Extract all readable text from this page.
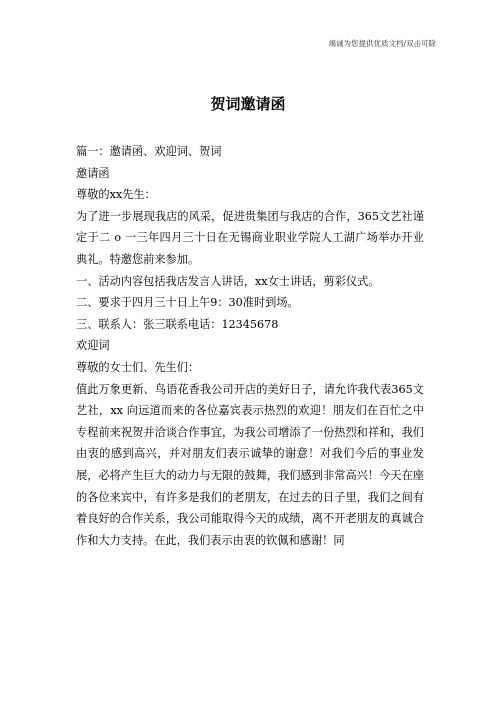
竭诚为您提供优质文档/双击可除
贺词邀请函

篇一：邀请函、欢迎词、贺词

邀请函

尊敬的xx先生：

为了进一步展现我店的风采，促进贵集团与我店的合作，365文艺社谨定于二 o 一三年四月三十日在无锡商业职业学院人工湖广场举办开业典礼。特邀您前来参加。

一、活动内容包括我店发言人讲话，xx女士讲话，剪彩仪式。

二、要求于四月三十日上午9：30准时到场。

三、联系人：张三联系电话：12345678

欢迎词

尊敬的女士们、先生们：

值此万象更新、鸟语花香我公司开店的美好日子，请允许我代表365文艺社，xx 向远道而来的各位嘉宾表示热烈的欢迎！朋友们在百忙之中专程前来祝贺并洽谈合作事宜，为我公司增添了一份热烈和祥和，我们由衷的感到高兴，并对朋友们表示诚挚的谢意！对我们今后的事业发展，必将产生巨大的动力与无限的鼓舞，我们感到非常高兴！今天在座的各位来宾中，有许多是我们的老朋友，在过去的日子里，我们之间有着良好的合作关系，我公司能取得今天的成绩，离不开老朋友的真诚合作和大力支持。在此，我们表示由衷的钦佩和感谢！同
